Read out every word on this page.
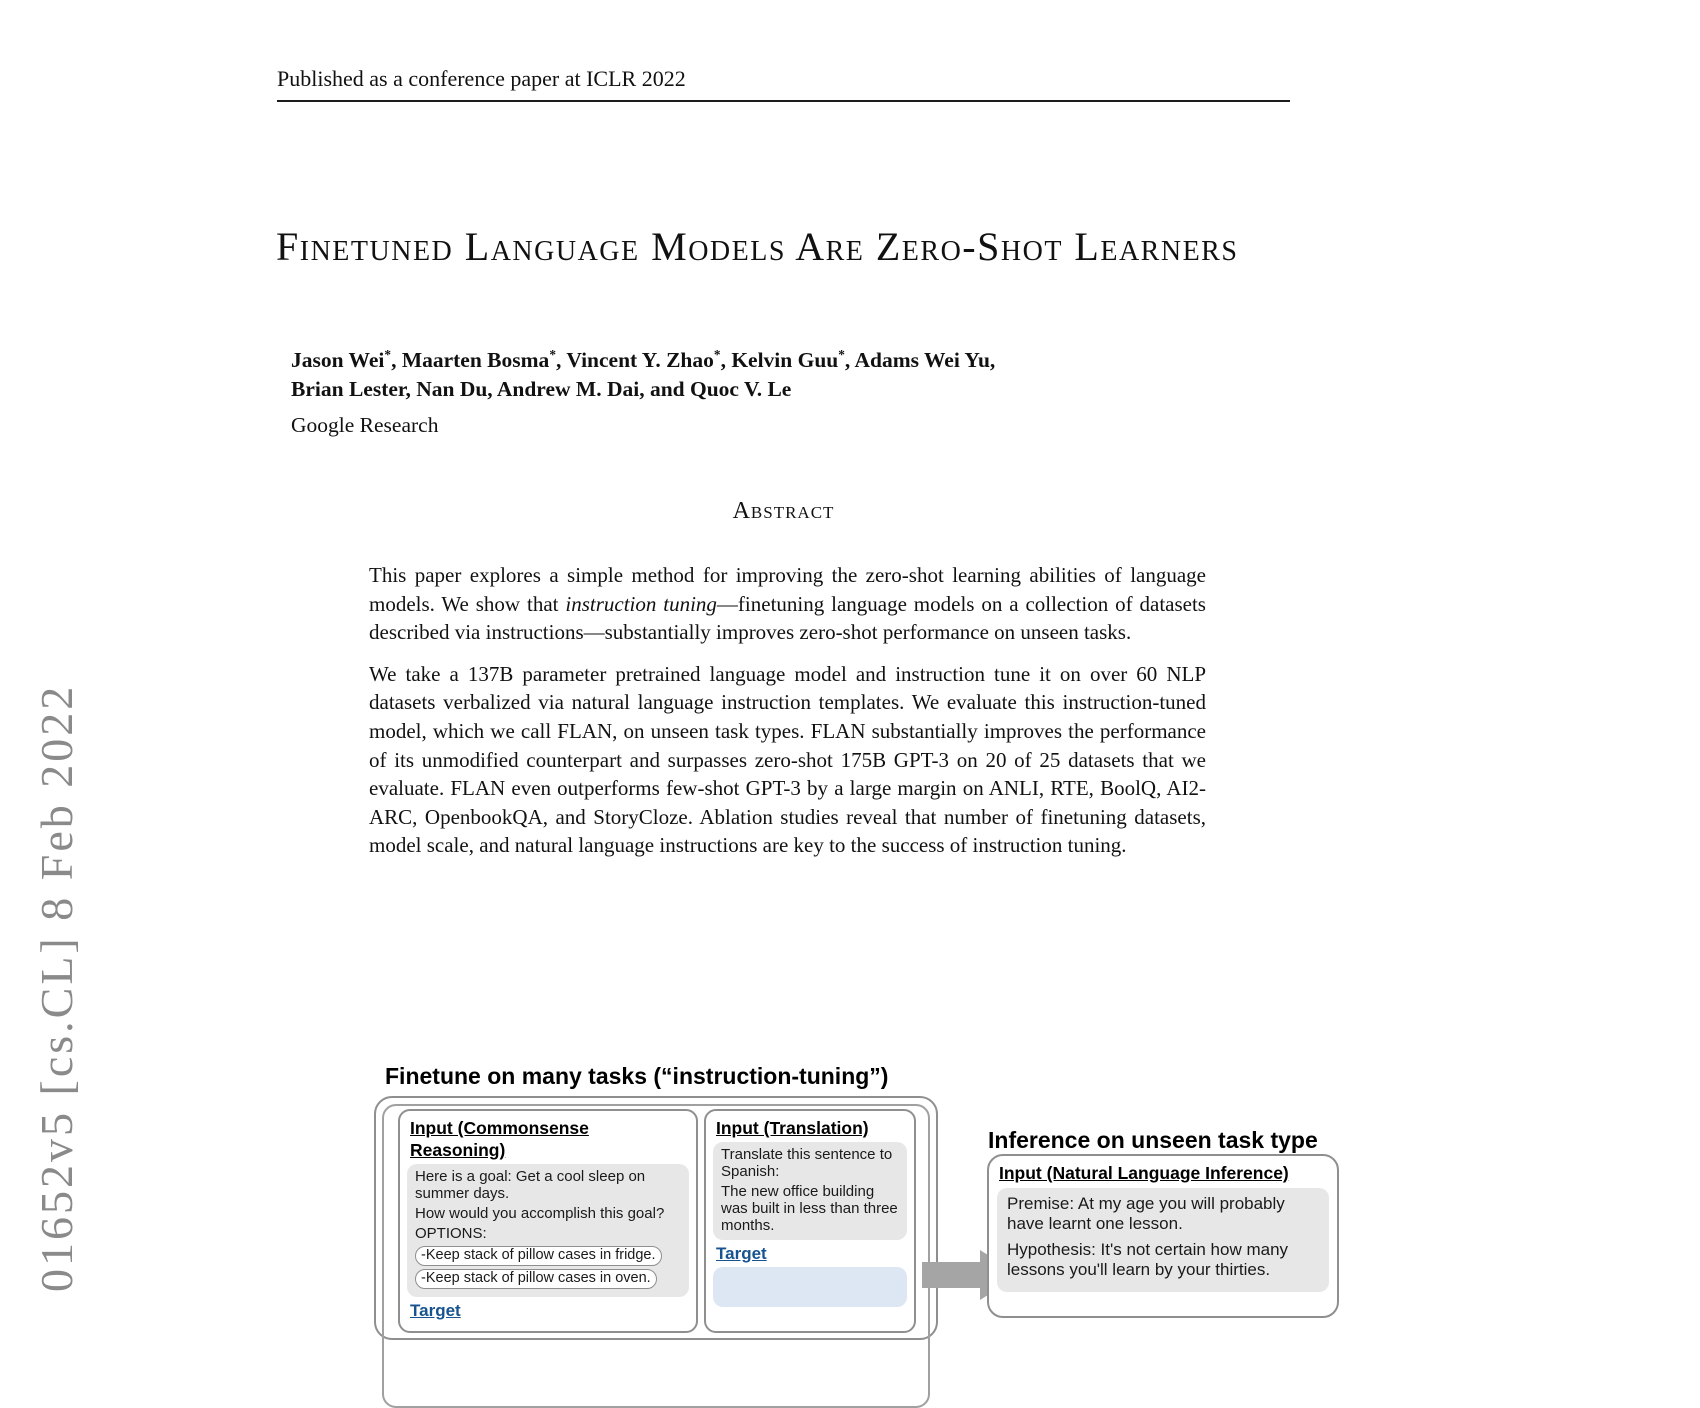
01652v5 [cs.CL] 8 Feb 2022
Published as a conference paper at ICLR 2022
Finetuned Language Models Are Zero-Shot Learners
Jason Wei*, Maarten Bosma*, Vincent Y. Zhao*, Kelvin Guu*, Adams Wei Yu,
Brian Lester, Nan Du, Andrew M. Dai, and Quoc V. Le
Google Research
Abstract

This paper explores a simple method for improving the zero-shot learning abilities of language models. We show that instruction tuning—finetuning language models on a collection of datasets described via instructions—substantially improves zero-shot performance on unseen tasks.

We take a 137B parameter pretrained language model and instruction tune it on over 60 NLP datasets verbalized via natural language instruction templates. We evaluate this instruction-tuned model, which we call FLAN, on unseen task types. FLAN substantially improves the performance of its unmodified counterpart and surpasses zero-shot 175B GPT-3 on 20 of 25 datasets that we evaluate. FLAN even outperforms few-shot GPT-3 by a large margin on ANLI, RTE, BoolQ, AI2-ARC, OpenbookQA, and StoryCloze. Ablation studies reveal that number of finetuning datasets, model scale, and natural language instructions are key to the success of instruction tuning.

Finetune on many tasks (“instruction-tuning”)
Input (Commonsense Reasoning)

Here is a goal: Get a cool sleep on summer days.

How would you accomplish this goal?

OPTIONS:

-Keep stack of pillow cases in fridge.
-Keep stack of pillow cases in oven.
Target
Input (Translation)

Translate this sentence to Spanish:

The new office building was built in less than three months.

Target
Inference on unseen task type
Input (Natural Language Inference)

Premise: At my age you will probably have learnt one lesson.

Hypothesis: It's not certain how many lessons you'll learn by your thirties.
